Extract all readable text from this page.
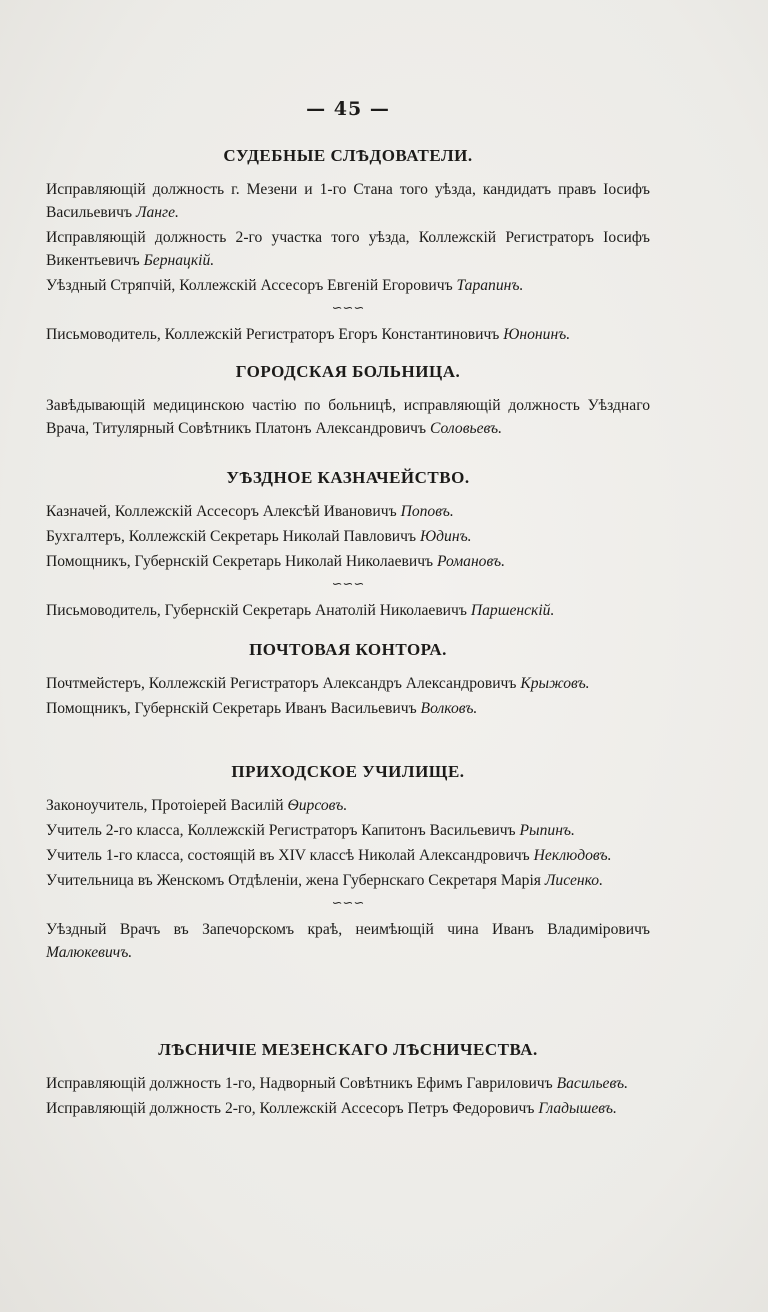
— 45 —
СУДЕБНЫЕ СЛѢДОВАТЕЛИ.

Исправляющій должность г. Мезени и 1-го Стана того уѣзда, кандидатъ правъ Іосифъ Васильевичъ Ланге.

Исправляющій должность 2-го участка того уѣзда, Коллежскій Регистраторъ Іосифъ Викентьевичъ Бернацкій.

Уѣздный Стряпчій, Коллежскій Ассесоръ Евгеній Егоровичъ Тарапинъ.

∽∽∽

Письмоводитель, Коллежскій Регистраторъ Егоръ Константиновичъ Юнонинъ.

ГОРОДСКАЯ БОЛЬНИЦА.

Завѣдывающій медицинскою частію по больницѣ, исправляющій должность Уѣзднаго Врача, Титулярный Совѣтникъ Платонъ Александровичъ Соловьевъ.

УѢЗДНОЕ КАЗНАЧЕЙСТВО.

Казначей, Коллежскій Ассесоръ Алексѣй Ивановичъ Поповъ.

Бухгалтеръ, Коллежскій Секретарь Николай Павловичъ Юдинъ.

Помощникъ, Губернскій Секретарь Николай Николаевичъ Романовъ.

∽∽∽

Письмоводитель, Губернскій Секретарь Анатолій Николаевичъ Паршенскій.

ПОЧТОВАЯ КОНТОРА.

Почтмейстеръ, Коллежскій Регистраторъ Александръ Александровичъ Крыжовъ.

Помощникъ, Губернскій Секретарь Иванъ Васильевичъ Волковъ.

ПРИХОДСКОЕ УЧИЛИЩЕ.

Законоучитель, Протоіерей Василій Ѳирсовъ.

Учитель 2-го класса, Коллежскій Регистраторъ Капитонъ Васильевичъ Рыпинъ.

Учитель 1-го класса, состоящій въ XIV классѣ Николай Александровичъ Неклюдовъ.

Учительница въ Женскомъ Отдѣленіи, жена Губернскаго Секретаря Марія Лисенко.

∽∽∽

Уѣздный Врачъ въ Запечорскомъ краѣ, неимѣющій чина Иванъ Владиміровичъ Малюкевичъ.

ЛѢСНИЧІЕ МЕЗЕНСКАГО ЛѢСНИЧЕСТВА.

Исправляющій должность 1-го, Надворный Совѣтникъ Ефимъ Гавриловичъ Васильевъ.

Исправляющій должность 2-го, Коллежскій Ассесоръ Петръ Федоровичъ Гладышевъ.
